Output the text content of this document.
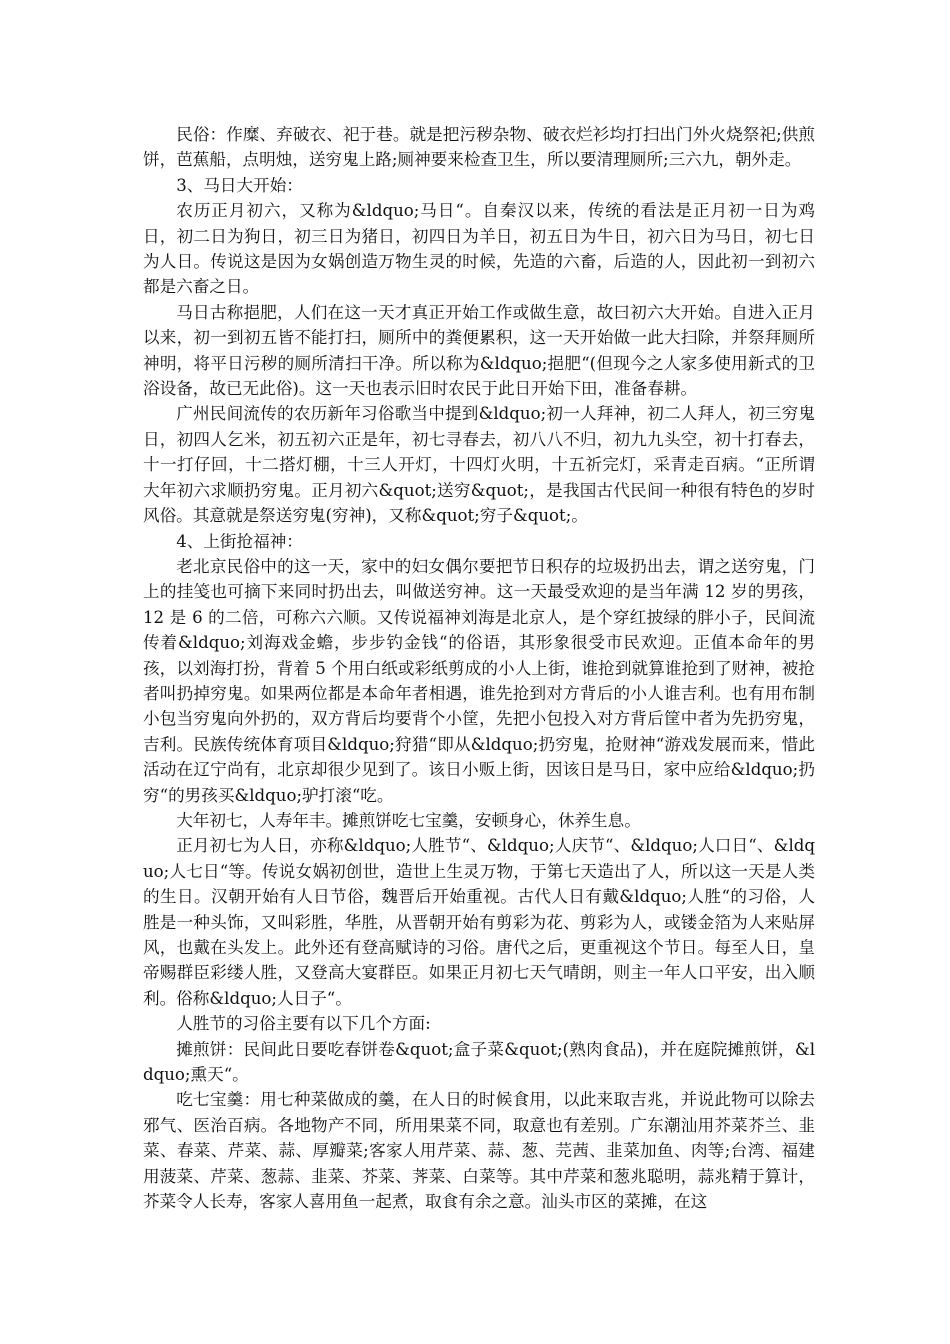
民俗：作糜、弃破衣、祀于巷。就是把污秽杂物、破衣烂衫均打扫出门外火烧祭祀;供煎饼，芭蕉船，点明烛，送穷鬼上路;厕神要来检查卫生，所以要清理厕所;三六九，朝外走。

3、马日大开始：

农历正月初六，又称为&ldquo;马日“。自秦汉以来，传统的看法是正月初一日为鸡日，初二日为狗日，初三日为猪日，初四日为羊日，初五日为牛日，初六日为马日，初七日为人日。传说这是因为女娲创造万物生灵的时候，先造的六畜，后造的人，因此初一到初六都是六畜之日。

马日古称挹肥，人们在这一天才真正开始工作或做生意，故曰初六大开始。自进入正月以来，初一到初五皆不能打扫，厕所中的粪便累积，这一天开始做一此大扫除，并祭拜厕所神明，将平日污秽的厕所清扫干净。所以称为&ldquo;挹肥“(但现今之人家多使用新式的卫浴设备，故已无此俗)。这一天也表示旧时农民于此日开始下田，准备春耕。

广州民间流传的农历新年习俗歌当中提到&ldquo;初一人拜神，初二人拜人，初三穷鬼日，初四人乞米，初五初六正是年，初七寻春去，初八八不归，初九九头空，初十打春去，十一打仔回，十二搭灯棚，十三人开灯，十四灯火明，十五祈完灯，采青走百病。“正所谓大年初六求顺扔穷鬼。正月初六&quot;送穷&quot;，是我国古代民间一种很有特色的岁时风俗。其意就是祭送穷鬼(穷神)，又称&quot;穷子&quot;。

4、上街抢福神：

老北京民俗中的这一天，家中的妇女偶尔要把节日积存的垃圾扔出去，谓之送穷鬼，门上的挂笺也可摘下来同时扔出去，叫做送穷神。这一天最受欢迎的是当年满 12 岁的男孩，12 是 6 的二倍，可称六六顺。又传说福神刘海是北京人，是个穿红披绿的胖小子，民间流传着&ldquo;刘海戏金蟾，步步钓金钱“的俗语，其形象很受市民欢迎。正值本命年的男孩，以刘海打扮，背着 5 个用白纸或彩纸剪成的小人上街，谁抢到就算谁抢到了财神，被抢者叫扔掉穷鬼。如果两位都是本命年者相遇，谁先抢到对方背后的小人谁吉利。也有用布制小包当穷鬼向外扔的，双方背后均要背个小筐，先把小包投入对方背后筐中者为先扔穷鬼，吉利。民族传统体育项目&ldquo;狩猎“即从&ldquo;扔穷鬼，抢财神“游戏发展而来，惜此活动在辽宁尚有，北京却很少见到了。该日小贩上街，因该日是马日，家中应给&ldquo;扔穷“的男孩买&ldquo;驴打滚“吃。

大年初七，人寿年丰。摊煎饼吃七宝羹，安顿身心，休养生息。

正月初七为人日，亦称&ldquo;人胜节“、&ldquo;人庆节“、&ldquo;人口日“、&ldquo;人七日“等。传说女娲初创世，造世上生灵万物，于第七天造出了人，所以这一天是人类的生日。汉朝开始有人日节俗，魏晋后开始重视。古代人日有戴&ldquo;人胜“的习俗，人胜是一种头饰，又叫彩胜，华胜，从晋朝开始有剪彩为花、剪彩为人，或镂金箔为人来贴屏风，也戴在头发上。此外还有登高赋诗的习俗。唐代之后，更重视这个节日。每至人日，皇帝赐群臣彩缕人胜，又登高大宴群臣。如果正月初七天气晴朗，则主一年人口平安，出入顺利。俗称&ldquo;人日子“。

人胜节的习俗主要有以下几个方面:

摊煎饼：民间此日要吃春饼卷&quot;盒子菜&quot;(熟肉食品)，并在庭院摊煎饼，&ldquo;熏天“。

吃七宝羹：用七种菜做成的羹，在人日的时候食用，以此来取吉兆，并说此物可以除去邪气、医治百病。各地物产不同，所用果菜不同，取意也有差别。广东潮汕用芥菜芥兰、韭菜、春菜、芹菜、蒜、厚瓣菜;客家人用芹菜、蒜、葱、芫茜、韭菜加鱼、肉等;台湾、福建用菠菜、芹菜、葱蒜、韭菜、芥菜、荠菜、白菜等。其中芹菜和葱兆聪明，蒜兆精于算计，芥菜令人长寿，客家人喜用鱼一起煮，取食有余之意。汕头市区的菜摊，在这
